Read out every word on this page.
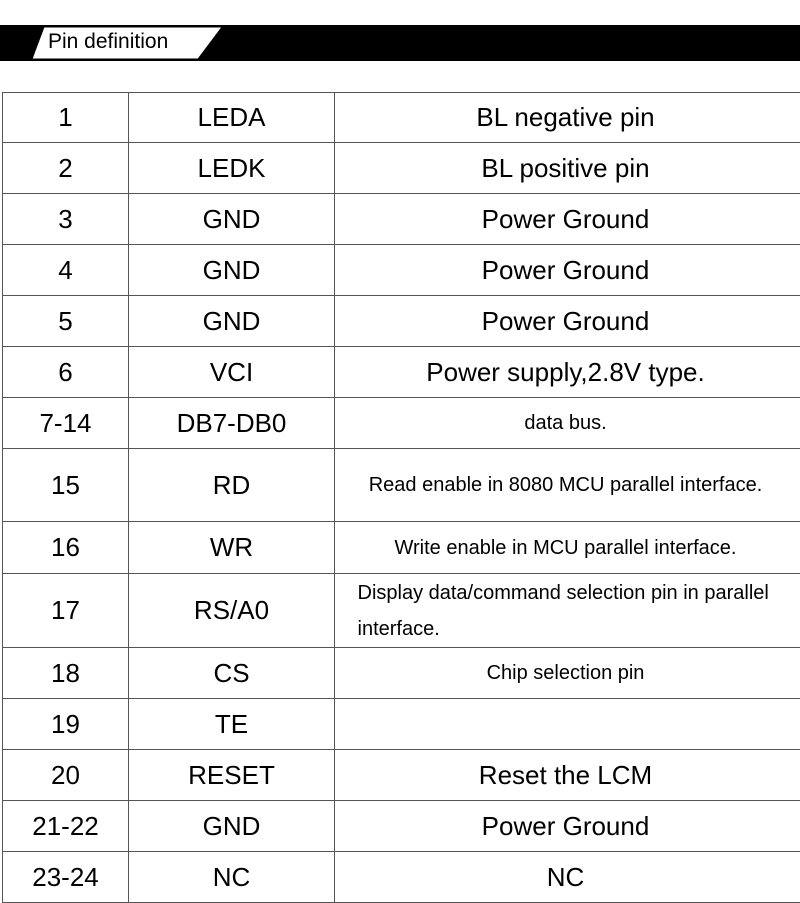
Pin definition
1	LEDA	BL negative pin
2	LEDK	BL positive pin
3	GND	Power Ground
4	GND	Power Ground
5	GND	Power Ground
6	VCI	Power supply,2.8V type.
7-14	DB7-DB0	data bus.
15	RD	Read enable in 8080 MCU parallel interface.
16	WR	Write enable in MCU parallel interface.
17	RS/A0	Display data/command selection pin in parallel interface.
18	CS	Chip selection pin
19	TE	
20	RESET	Reset the LCM
21-22	GND	Power Ground
23-24	NC	NC
